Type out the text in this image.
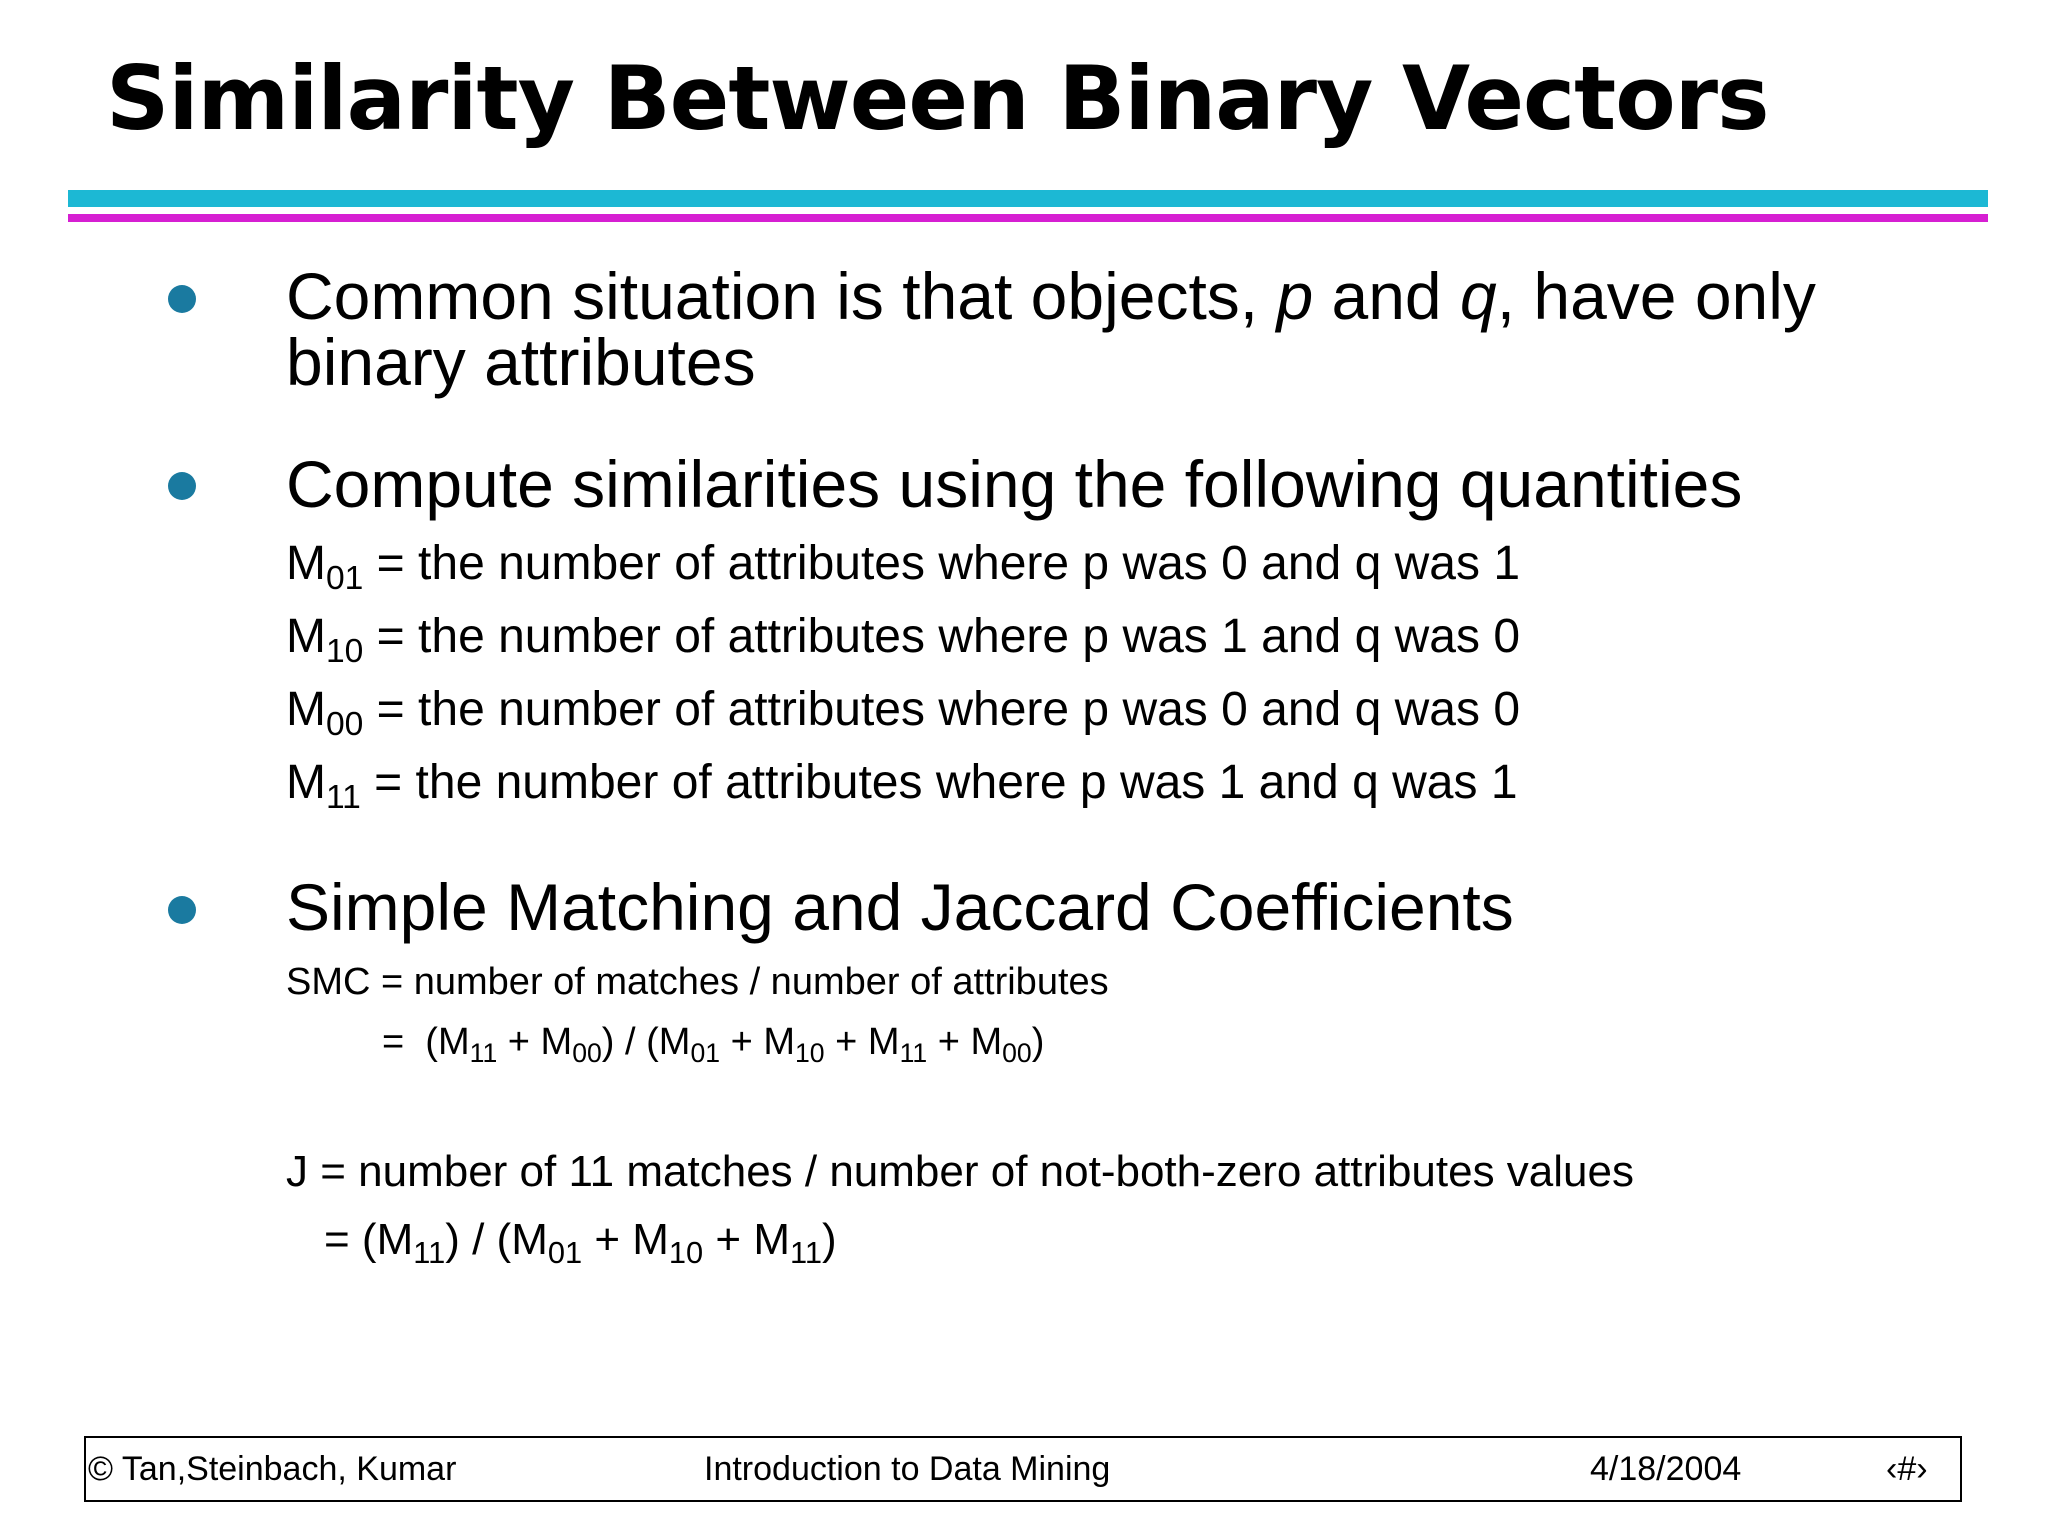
Similarity Between Binary Vectors
Common situation is that objects, p and q, have only
binary attributes
Compute similarities using the following quantities
$M_{01}$ = the number of attributes where p was 0 and q was 1
$M_{10}$ = the number of attributes where p was 1 and q was 0
$M_{00}$ = the number of attributes where p was 0 and q was 0
$M_{11}$ = the number of attributes where p was 1 and q was 1
Simple Matching and Jaccard Coefficients
SMC = number of matches / number of attributes
=  $(M_{11} + M_{00}) / (M_{01} + M_{10} + M_{11} + M_{00})$
J = number of 11 matches / number of not-both-zero attributes values
= $(M_{11}) / (M_{01} + M_{10} + M_{11})$
© Tan,Steinbach, Kumar	Introduction to Data Mining	4/18/2004	‹#›
